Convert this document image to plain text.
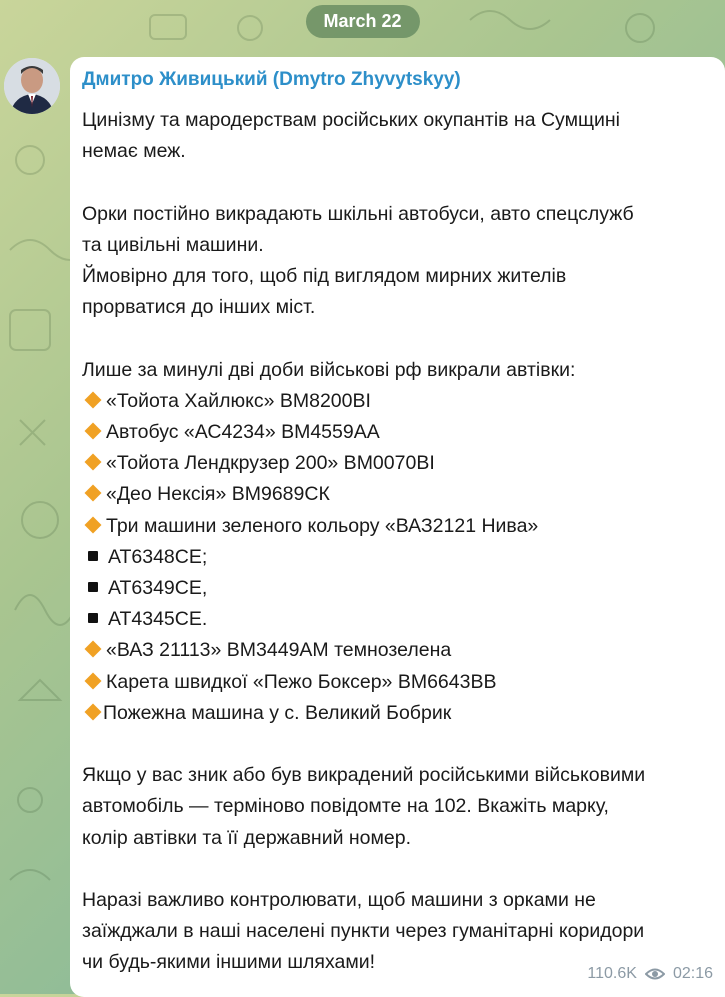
March 22
Дмитро Живицький (Dmytro Zhyvytskyy)
Цинізму та мародерствам російських окупантів на Сумщині
немає меж.
Орки постійно викрадають шкільні автобуси, авто спецслужб
та цивільні машини.
Ймовірно для того, щоб під виглядом мирних жителів
прорватися до інших міст.
Лише за минулі дві доби військові рф викрали автівки:
«Тойота Хайлюкс» ВМ8200ВІ
Автобус «АС4234» ВМ4559АА
«Тойота Лендкрузер 200» ВМ0070ВІ
«Део Нексія» ВМ9689СК
Три машини зеленого кольору «ВАЗ2121 Нива»
АТ6348СЕ;
АТ6349СЕ,
АТ4345СЕ.
«ВАЗ 21113» ВМ3449АМ темнозелена
Карета швидкої «Пежо Боксер» ВМ6643ВВ
Пожежна машина у с. Великий Бобрик
Якщо у вас зник або був викрадений російськими військовими
автомобіль — терміново повідомте на 102. Вкажіть марку,
колір автівки та її державний номер.
Наразі важливо контролювати, щоб машини з орками не
заїжджали в наші населені пункти через гуманітарні коридори
чи будь-якими іншими шляхами!
110.6K 02:16
